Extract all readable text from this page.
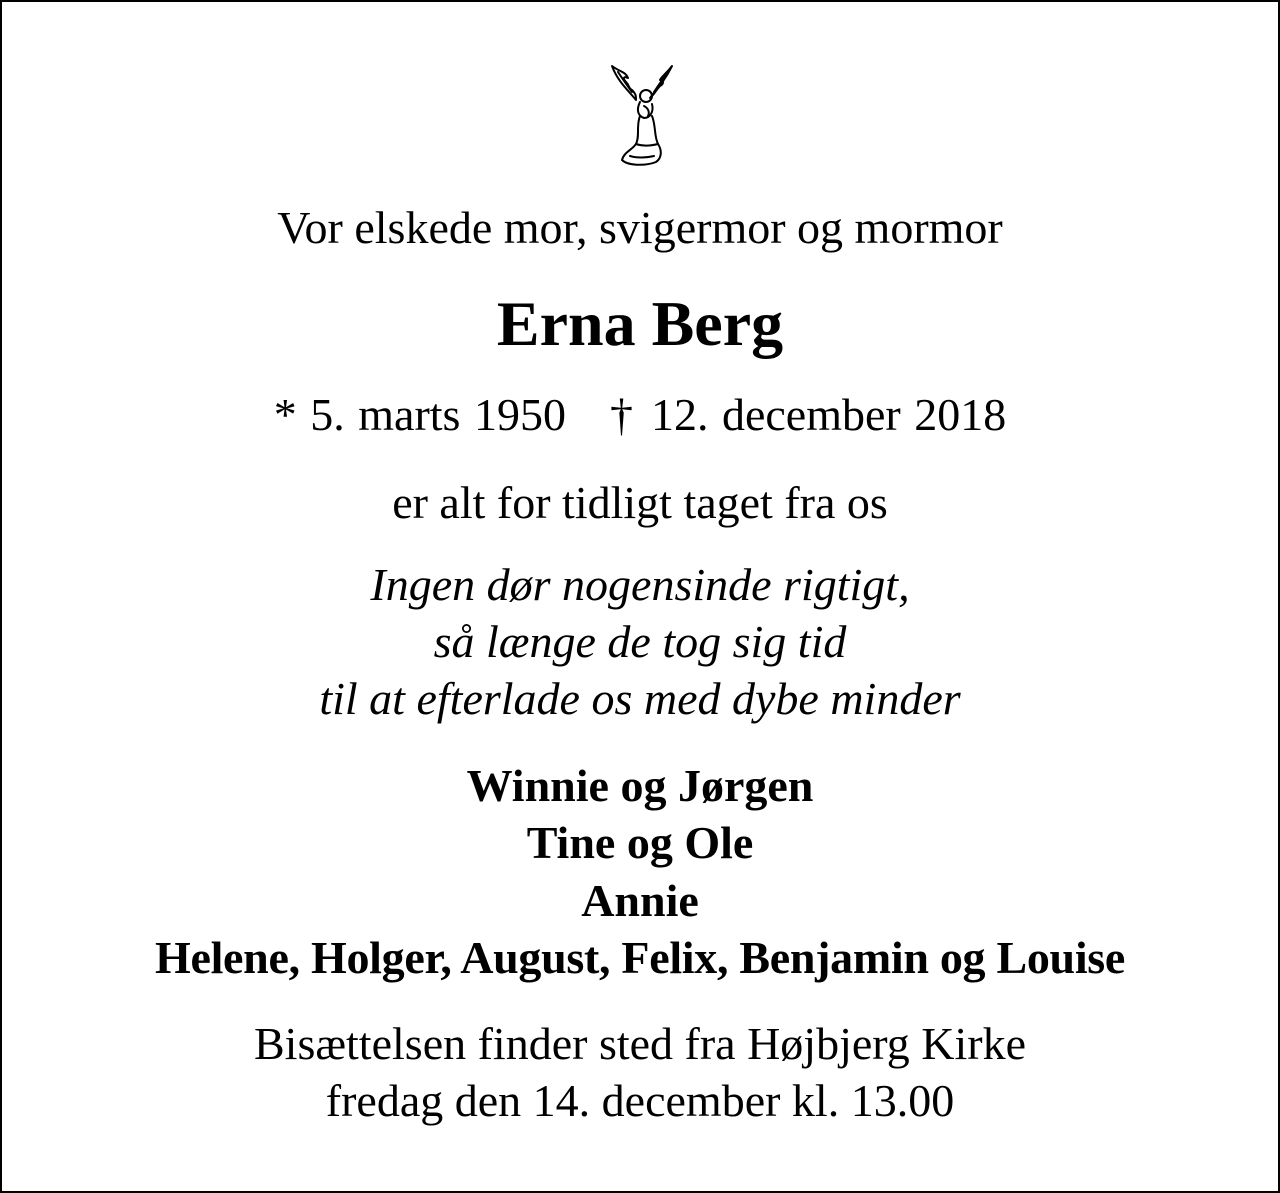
Vor elskede mor, svigermor og mormor
Erna Berg
* 5. marts 1950 † 12. december 2018
er alt for tidligt taget fra os
Ingen dør nogensinde rigtigt,
så længe de tog sig tid
til at efterlade os med dybe minder
Winnie og Jørgen
Tine og Ole
Annie
Helene, Holger, August, Felix, Benjamin og Louise
Bisættelsen finder sted fra Højbjerg Kirke
fredag den 14. december kl. 13.00
